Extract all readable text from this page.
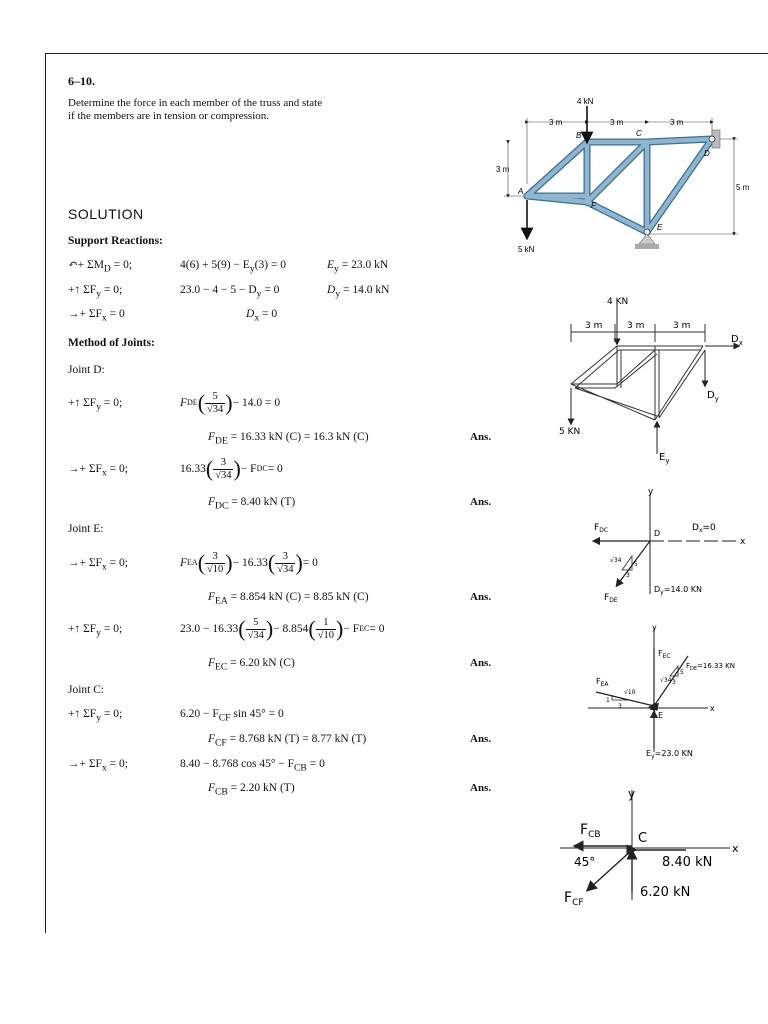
6–10.
Determine the force in each member of the truss and state
if the members are in tension or compression.
3 m	3 m	3 m
3 m
5 m
4 kN
5 kN
A
B	C
D
E
F
SOLUTION
Support Reactions:
↶+ $\Sigma M_D = 0$;	$4(6) + 5(9) - E_y(3) = 0$	$E_y = 23.0$ kN
+↑ $\Sigma F_y = 0$;	$23.0 - 4 - 5 - D_y = 0$	$D_y = 14.0$ kN
→+ $\Sigma F_x = 0$	$D_x = 0$
Method of Joints:
Joint D:
+↑ $\Sigma F_y = 0$;	F DE ( $\frac{5}{√34}$ ) − 14.0 = 0
$F_{DE} = 16.33$ kN (C) = 16.3 kN (C)	Ans.
→+ $\Sigma F_x = 0$;	16.33 ( $\frac{3}{√34}$ ) − F DC = 0
$F_{DC} = 8.40$ kN (T)	Ans.
Joint E:
→+ $\Sigma F_x = 0$;	F EA ( $\frac{3}{√10}$ ) − 16.33 ( $\frac{3}{√34}$ ) = 0
$F_{EA} = 8.854$ kN (C) = 8.85 kN (C)	Ans.
+↑ $\Sigma F_y = 0$;	23.0 − 16.33 ( $\frac{5}{√34}$ ) − 8.854 ( $\frac{1}{√10}$ ) − F EC = 0
$F_{EC} = 6.20$ kN (C)	Ans.
Joint C:
+↑ $\Sigma F_y = 0$;	$6.20 - F_{CF}$ sin 45° = 0
$F_{CF} = 8.768$ kN (T) = 8.77 kN (T)	Ans.
→+ $\Sigma F_x = 0$;	8.40 − 8.768 $\cos 45^\circ - F_{CB} = 0$
$F_{CB} = 2.20$ kN (T)	Ans.
4 KN
3 m	3 m	3 m
$D_x$
$D_y$
5 KN
$E_y$
y
$F_{DC}$	D
$D_x=0$
x
√34
5
3
$F_{DE}$
$D_y=14.0$ KN
y
$F_{EC}$
$F_{DE}=16.33$ KN
$F_{EA}$
√10
1
3
√34
5
3
E
x
$E_y=23.0$ KN
y
$F_{CB}$	C
x
45°	8.40 kN
6.20 kN
$F_{CF}$
